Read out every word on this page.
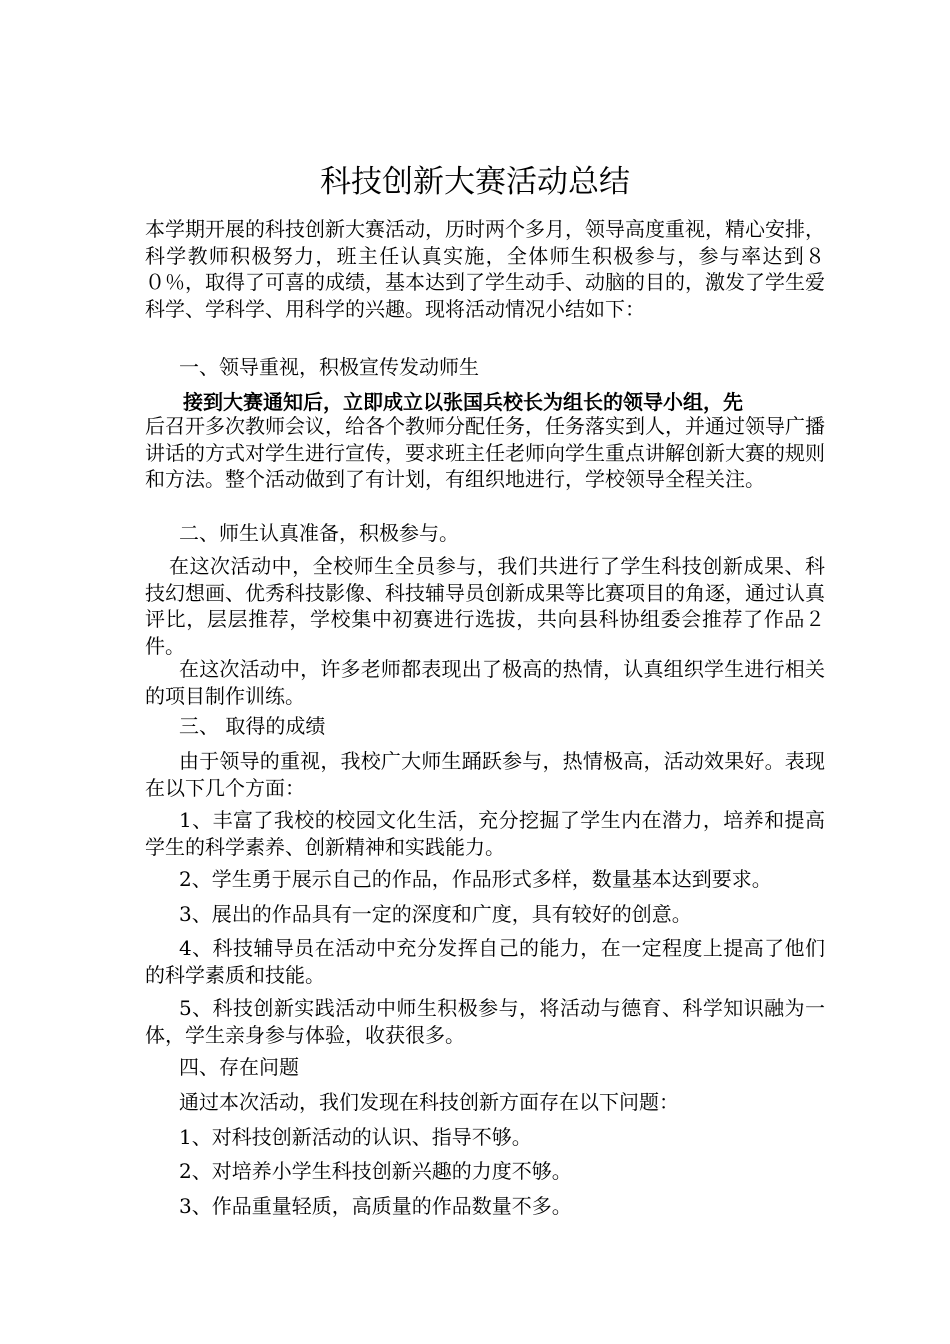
科技创新大赛活动总结

本学期开展的科技创新大赛活动，历时两个多月，领导高度重视，精心安排，科学教师积极努力，班主任认真实施，全体师生积极参与，参与率达到８０％，取得了可喜的成绩，基本达到了学生动手、动脑的目的，激发了学生爱科学、学科学、用科学的兴趣。现将活动情况小结如下：

一、领导重视，积极宣传发动师生

接到大赛通知后，立即成立以张国兵校长为组长的领导小组，先

后召开多次教师会议，给各个教师分配任务，任务落实到人，并通过领导广播讲话的方式对学生进行宣传，要求班主任老师向学生重点讲解创新大赛的规则和方法。整个活动做到了有计划，有组织地进行，学校领导全程关注。

二、师生认真准备，积极参与。

在这次活动中，全校师生全员参与，我们共进行了学生科技创新成果、科技幻想画、优秀科技影像、科技辅导员创新成果等比赛项目的角逐，通过认真评比，层层推荐，学校集中初赛进行选拔，共向县科协组委会推荐了作品２件。

在这次活动中，许多老师都表现出了极高的热情，认真组织学生进行相关的项目制作训练。

三、 取得的成绩

由于领导的重视，我校广大师生踊跃参与，热情极高，活动效果好。表现在以下几个方面：

1、丰富了我校的校园文化生活，充分挖掘了学生内在潜力，培养和提高学生的科学素养、创新精神和实践能力。

2、学生勇于展示自己的作品，作品形式多样，数量基本达到要求。

3、展出的作品具有一定的深度和广度，具有较好的创意。

4、科技辅导员在活动中充分发挥自己的能力，在一定程度上提高了他们的科学素质和技能。

5、科技创新实践活动中师生积极参与，将活动与德育、科学知识融为一体，学生亲身参与体验，收获很多。

四、存在问题

通过本次活动，我们发现在科技创新方面存在以下问题：

1、对科技创新活动的认识、指导不够。

2、对培养小学生科技创新兴趣的力度不够。

3、作品重量轻质，高质量的作品数量不多。
